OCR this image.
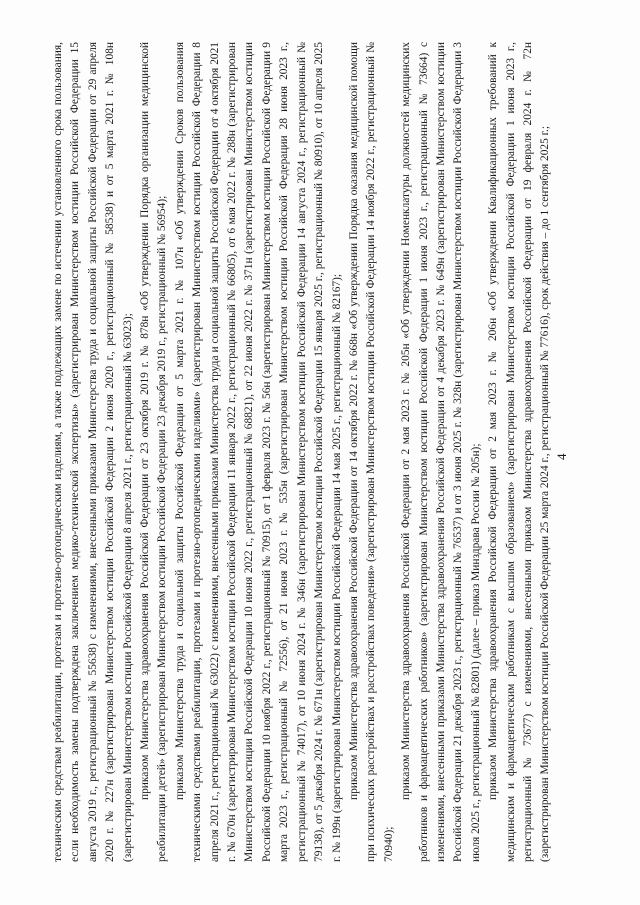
техническим средствам реабилитации, протезам и протезно-ортопедическим изделиям, а также подлежащих замене по истечении установленного срока пользования, если необходимость замены подтверждена заключением медико-технической экспертизы» (зарегистрирован Министерством юстиции Российской Федерации 15 августа 2019 г., регистрационный № 55638) с изменениями, внесенными приказами Министерства труда и социальной защиты Российской Федерации от 29 апреля 2020 г. № 227н (зарегистрирован Министерством юстиции Российской Федерации 2 июня 2020 г., регистрационный № 58538) и от 5 марта 2021 г. № 108н (зарегистрирован Министерством юстиции Российской Федерации 8 апреля 2021 г., регистрационный № 63023); приказом Министерства здравоохранения Российской Федерации от 23 октября 2019 г. № 878н «Об утверждении Порядка организации медицинской реабилитации детей» (зарегистрирован Министерством юстиции Российской Федерации 23 декабря 2019 г., регистрационный № 56954); приказом Министерства труда и социальной защиты Российской Федерации от 5 марта 2021 г. № 107н «Об утверждении Сроков пользования техническими средствами реабилитации, протезами и протезно-ортопедическими изделиями» (зарегистрирован Министерством юстиции Российской Федерации 8 апреля 2021 г., регистрационный № 63022) с изменениями, внесенными приказами Министерства труда и социальной защиты Российской Федерации от 4 октября 2021 г. № 670н (зарегистрирован Министерством юстиции Российской Федерации 11 января 2022 г., регистрационный № 66805), от 6 мая 2022 г. № 288н (зарегистрирован Министерством юстиции Российской Федерации 10 июня 2022 г., регистрационный № 68821), от 22 июня 2022 г. № 371н (зарегистрирован Министерством юстиции Российской Федерации 10 ноября 2022 г., регистрационный № 70915), от 1 февраля 2023 г. № 56н (зарегистрирован Министерством юстиции Российской Федерации 9 марта 2023 г., регистрационный № 72556), от 21 июня 2023 г. № 535н (зарегистрирован Министерством юстиции Российской Федерации 28 июня 2023 г., регистрационный № 74017), от 10 июня 2024 г. № 346н (зарегистрирован Министерством юстиции Российской Федерации 14 августа 2024 г., регистрационный № 79138), от 5 декабря 2024 г. № 671н (зарегистрирован Министерством юстиции Российской Федерации 15 января 2025 г., регистрационный № 80910), от 10 апреля 2025 г. № 199н (зарегистрирован Министерством юстиции Российской Федерации 14 мая 2025 г., регистрационный № 82167); приказом Министерства здравоохранения Российской Федерации от 14 октября 2022 г. № 668н «Об утверждении Порядка оказания медицинской помощи при психических расстройствах и расстройствах поведения» (зарегистрирован Министерством юстиции Российской Федерации 14 ноября 2022 г., регистрационный № 70940);

приказом Министерства здравоохранения Российской Федерации от 2 мая 2023 г. № 205н «Об утверждении Номенклатуры должностей медицинских работников и фармацевтических работников» (зарегистрирован Министерством юстиции Российской Федерации 1 июня 2023 г., регистрационный № 73664) с изменениями, внесенными приказами Министерства здравоохранения Российской Федерации от 4 декабря 2023 г. № 649н (зарегистрирован Министерством юстиции Российской Федерации 21 декабря 2023 г., регистрационный № 76537) и от 3 июня 2025 г. № 328н (зарегистрирован Министерством юстиции Российской Федерации 3 июля 2025 г., регистрационный № 82801) (далее – приказ Минздрава России № 205н); приказом Министерства здравоохранения Российской Федерации от 2 мая 2023 г. № 206н «Об утверждении Квалификационных требований к медицинским и фармацевтическим работникам с высшим образованием» (зарегистрирован Министерством юстиции Российской Федерации 1 июня 2023 г., регистрационный № 73677) с изменениями, внесенными приказом Министерства здравоохранения Российской Федерации от 19 февраля 2024 г. № 72н (зарегистрирован Министерством юстиции Российской Федерации 25 марта 2024 г., регистрационный № 77616), срок действия – до 1 сентября 2025 г.; 4
